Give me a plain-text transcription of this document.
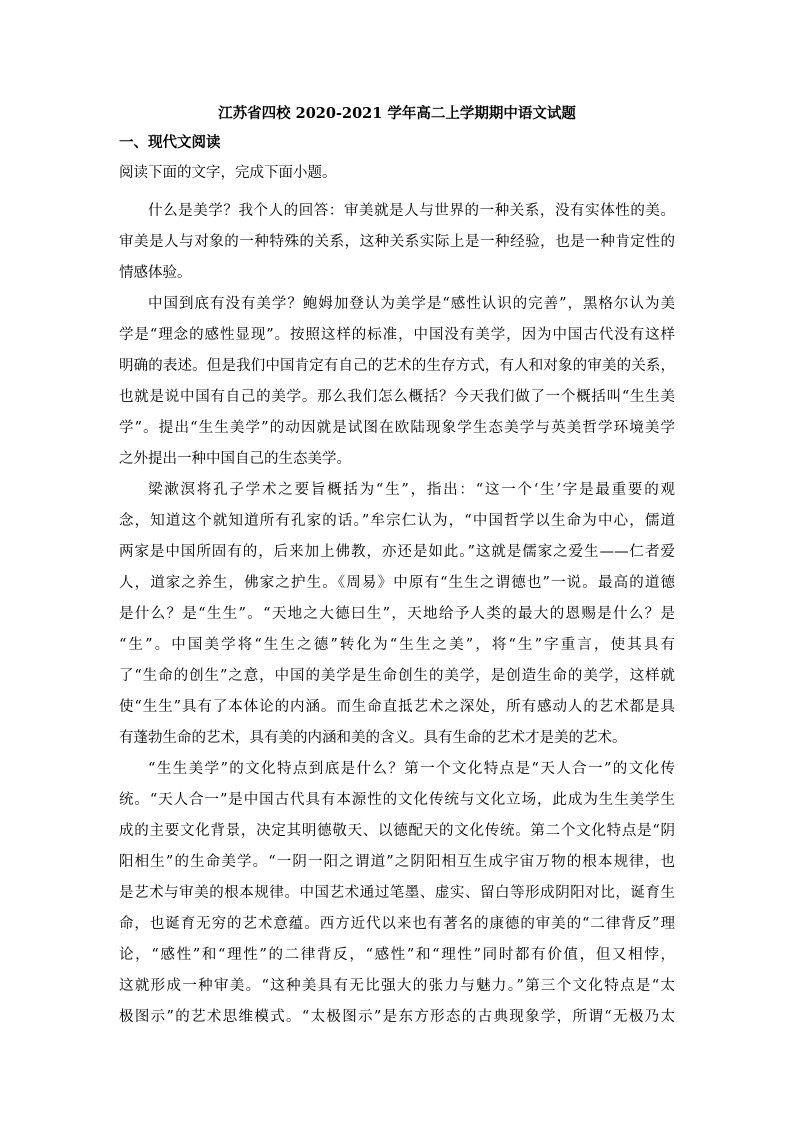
江苏省四校 2020-2021 学年高二上学期期中语文试题
一、现代文阅读
阅读下面的文字，完成下面小题。
什么是美学？我个人的回答：审美就是人与世界的一种关系，没有实体性的美。
审美是人与对象的一种特殊的关系，这种关系实际上是一种经验，也是一种肯定性的
情感体验。
中国到底有没有美学？鲍姆加登认为美学是“感性认识的完善”，黑格尔认为美
学是“理念的感性显现”。按照这样的标准，中国没有美学，因为中国古代没有这样
明确的表述。但是我们中国肯定有自己的艺术的生存方式，有人和对象的审美的关系，
也就是说中国有自己的美学。那么我们怎么概括？今天我们做了一个概括叫“生生美
学”。提出“生生美学”的动因就是试图在欧陆现象学生态美学与英美哲学环境美学
之外提出一种中国自己的生态美学。
梁漱溟将孔子学术之要旨概括为“生”，指出：“这一个‘生’字是最重要的观
念，知道这个就知道所有孔家的话。”牟宗仁认为，“中国哲学以生命为中心，儒道
两家是中国所固有的，后来加上佛教，亦还是如此。”这就是儒家之爱生——仁者爱
人，道家之养生，佛家之护生。《周易》中原有“生生之谓德也”一说。最高的道德
是什么？是“生生”。“天地之大德曰生”，天地给予人类的最大的恩赐是什么？是
“生”。中国美学将“生生之德”转化为“生生之美”，将“生”字重言，使其具有
了“生命的创生”之意，中国的美学是生命创生的美学，是创造生命的美学，这样就
使“生生”具有了本体论的内涵。而生命直抵艺术之深处，所有感动人的艺术都是具
有蓬勃生命的艺术，具有美的内涵和美的含义。具有生命的艺术才是美的艺术。
“生生美学”的文化特点到底是什么？第一个文化特点是“天人合一”的文化传
统。“天人合一”是中国古代具有本源性的文化传统与文化立场，此成为生生美学生
成的主要文化背景，决定其明德敬天、以德配天的文化传统。第二个文化特点是“阴
阳相生”的生命美学。“一阴一阳之谓道”之阴阳相互生成宇宙万物的根本规律，也
是艺术与审美的根本规律。中国艺术通过笔墨、虚实、留白等形成阴阳对比，诞育生
命，也诞育无穷的艺术意蕴。西方近代以来也有著名的康德的审美的“二律背反”理
论，“感性”和“理性”的二律背反，“感性”和“理性”同时都有价值，但又相悖，
这就形成一种审美。“这种美具有无比强大的张力与魅力。”第三个文化特点是“太
极图示”的艺术思维模式。“太极图示”是东方形态的古典现象学，所谓“无极乃太
